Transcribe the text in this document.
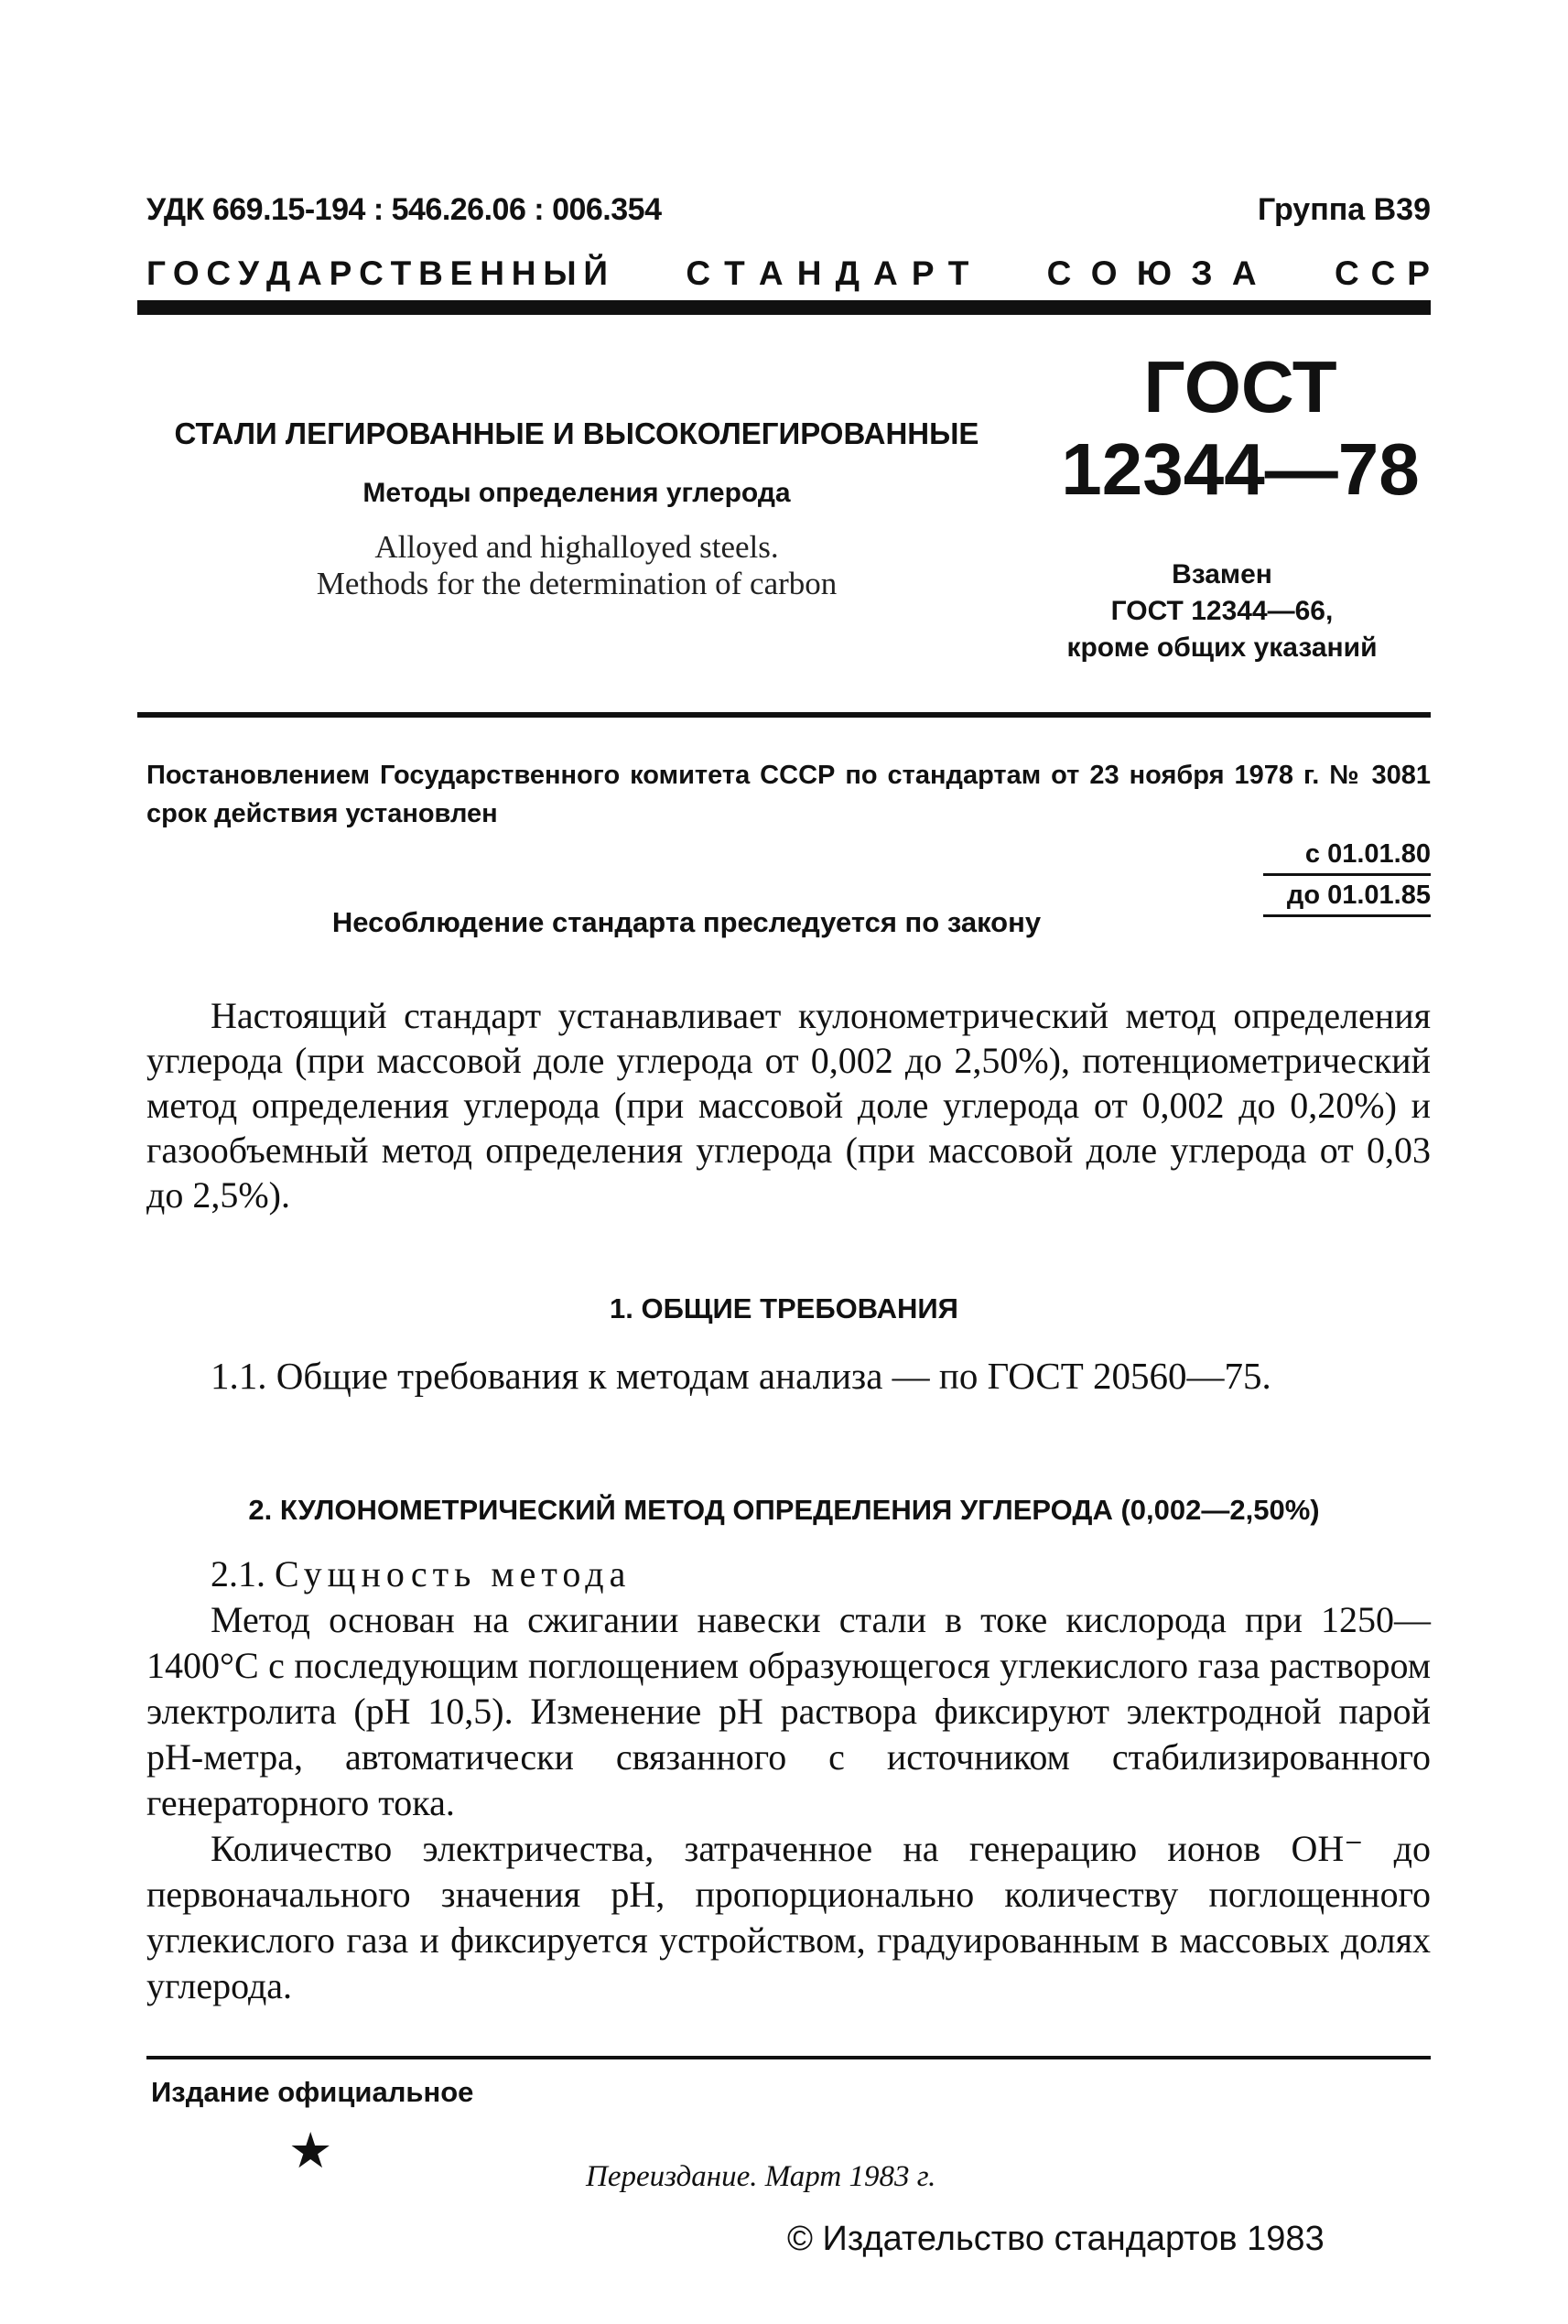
УДК 669.15-194 : 546.26.06 : 006.354	Группа В39
Г О С У Д А Р С Т В Е Н Н Ы Й С Т А Н Д А Р Т С О Ю З А С С Р
СТАЛИ ЛЕГИРОВАННЫЕ И ВЫСОКОЛЕГИРОВАННЫЕ
Методы определения углерода
Alloyed and highalloyed steels.
Methods for the determination of carbon
ГОСТ
12344—78
Взамен
ГОСТ 12344—66,
кроме общих указаний
Постановлением Государственного комитета СССР по стандартам от 23 ноября 1978 г. № 3081 срок действия установлен
с 01.01.80
до 01.01.85
Несоблюдение стандарта преследуется по закону

Настоящий стандарт устанавливает кулонометрический метод определения углерода (при массовой доле углерода от 0,002 до 2,50%), потенциометрический метод определения углерода (при массовой доле углерода от 0,002 до 0,20%) и газообъемный метод определения углерода (при массовой доле углерода от 0,03 до 2,5%).

1. ОБЩИЕ ТРЕБОВАНИЯ
1.1. Общие требования к методам анализа — по ГОСТ 20560—75.
2. КУЛОНОМЕТРИЧЕСКИЙ МЕТОД ОПРЕДЕЛЕНИЯ УГЛЕРОДА (0,002—2,50%)

2.1. Сущность метода

Метод основан на сжигании навески стали в токе кислорода при 1250—1400°С с последующим поглощением образующегося углекислого газа раствором электролита (рН 10,5). Изменение рН раствора фиксируют электродной парой рН-метра, автоматически связанного с источником стабилизированного генераторного тока.

Количество электричества, затраченное на генерацию ионов ОН⁻ до первоначального значения рН, пропорционально количеству поглощенного углекислого газа и фиксируется устройством, градуированным в массовых долях углерода.

Издание официальное
★	Переиздание. Март 1983 г.
© Издательство стандартов 1983
